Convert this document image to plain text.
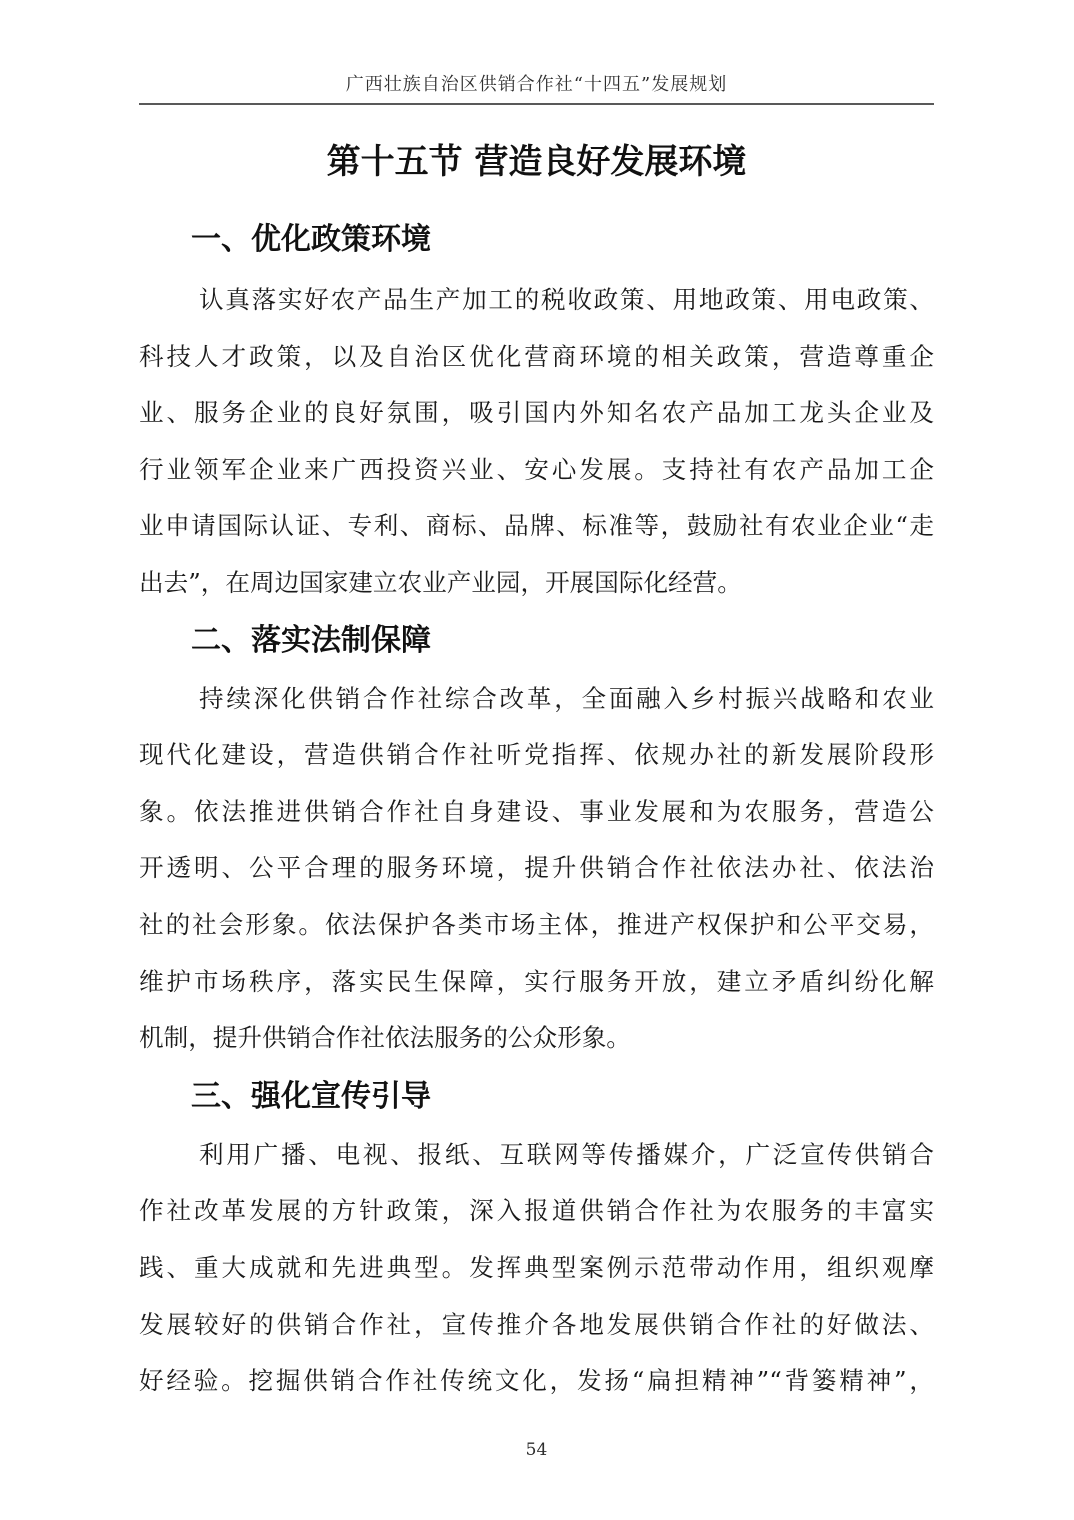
广西壮族自治区供销合作社“十四五”发展规划
第十五节 营造良好发展环境
一、优化政策环境
认真落实好农产品生产加工的税收政策、用地政策、用电政策、
科技人才政策，以及自治区优化营商环境的相关政策，营造尊重企
业、服务企业的良好氛围，吸引国内外知名农产品加工龙头企业及
行业领军企业来广西投资兴业、安心发展。支持社有农产品加工企
业申请国际认证、专利、商标、品牌、标准等，鼓励社有农业企业“走
出去”，在周边国家建立农业产业园，开展国际化经营。
二、落实法制保障
持续深化供销合作社综合改革，全面融入乡村振兴战略和农业
现代化建设，营造供销合作社听党指挥、依规办社的新发展阶段形
象。依法推进供销合作社自身建设、事业发展和为农服务，营造公
开透明、公平合理的服务环境，提升供销合作社依法办社、依法治
社的社会形象。依法保护各类市场主体，推进产权保护和公平交易，
维护市场秩序，落实民生保障，实行服务开放，建立矛盾纠纷化解
机制，提升供销合作社依法服务的公众形象。
三、强化宣传引导
利用广播、电视、报纸、互联网等传播媒介，广泛宣传供销合
作社改革发展的方针政策，深入报道供销合作社为农服务的丰富实
践、重大成就和先进典型。发挥典型案例示范带动作用，组织观摩
发展较好的供销合作社，宣传推介各地发展供销合作社的好做法、
好经验。挖掘供销合作社传统文化，发扬“扁担精神”“背篓精神”，
54
